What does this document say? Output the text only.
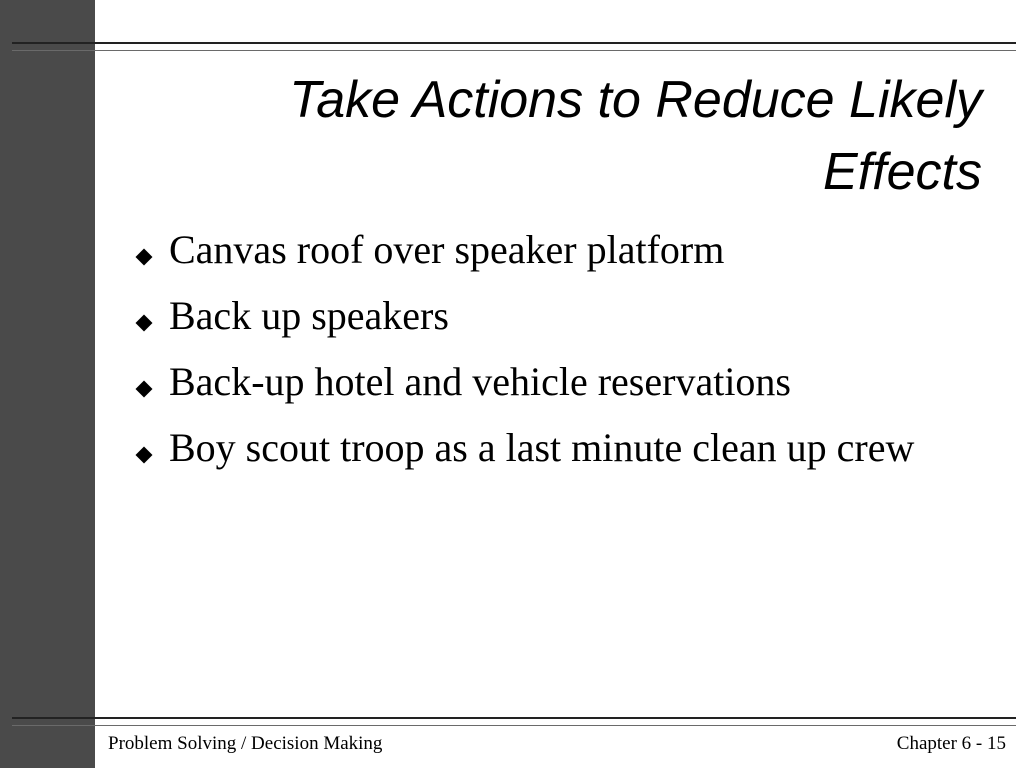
Take Actions to Reduce Likely
Effects
Canvas roof over speaker platform
Back up speakers
Back-up hotel and vehicle reservations
Boy scout troop as a last minute clean up crew
Problem Solving / Decision Making	Chapter 6 - 15
